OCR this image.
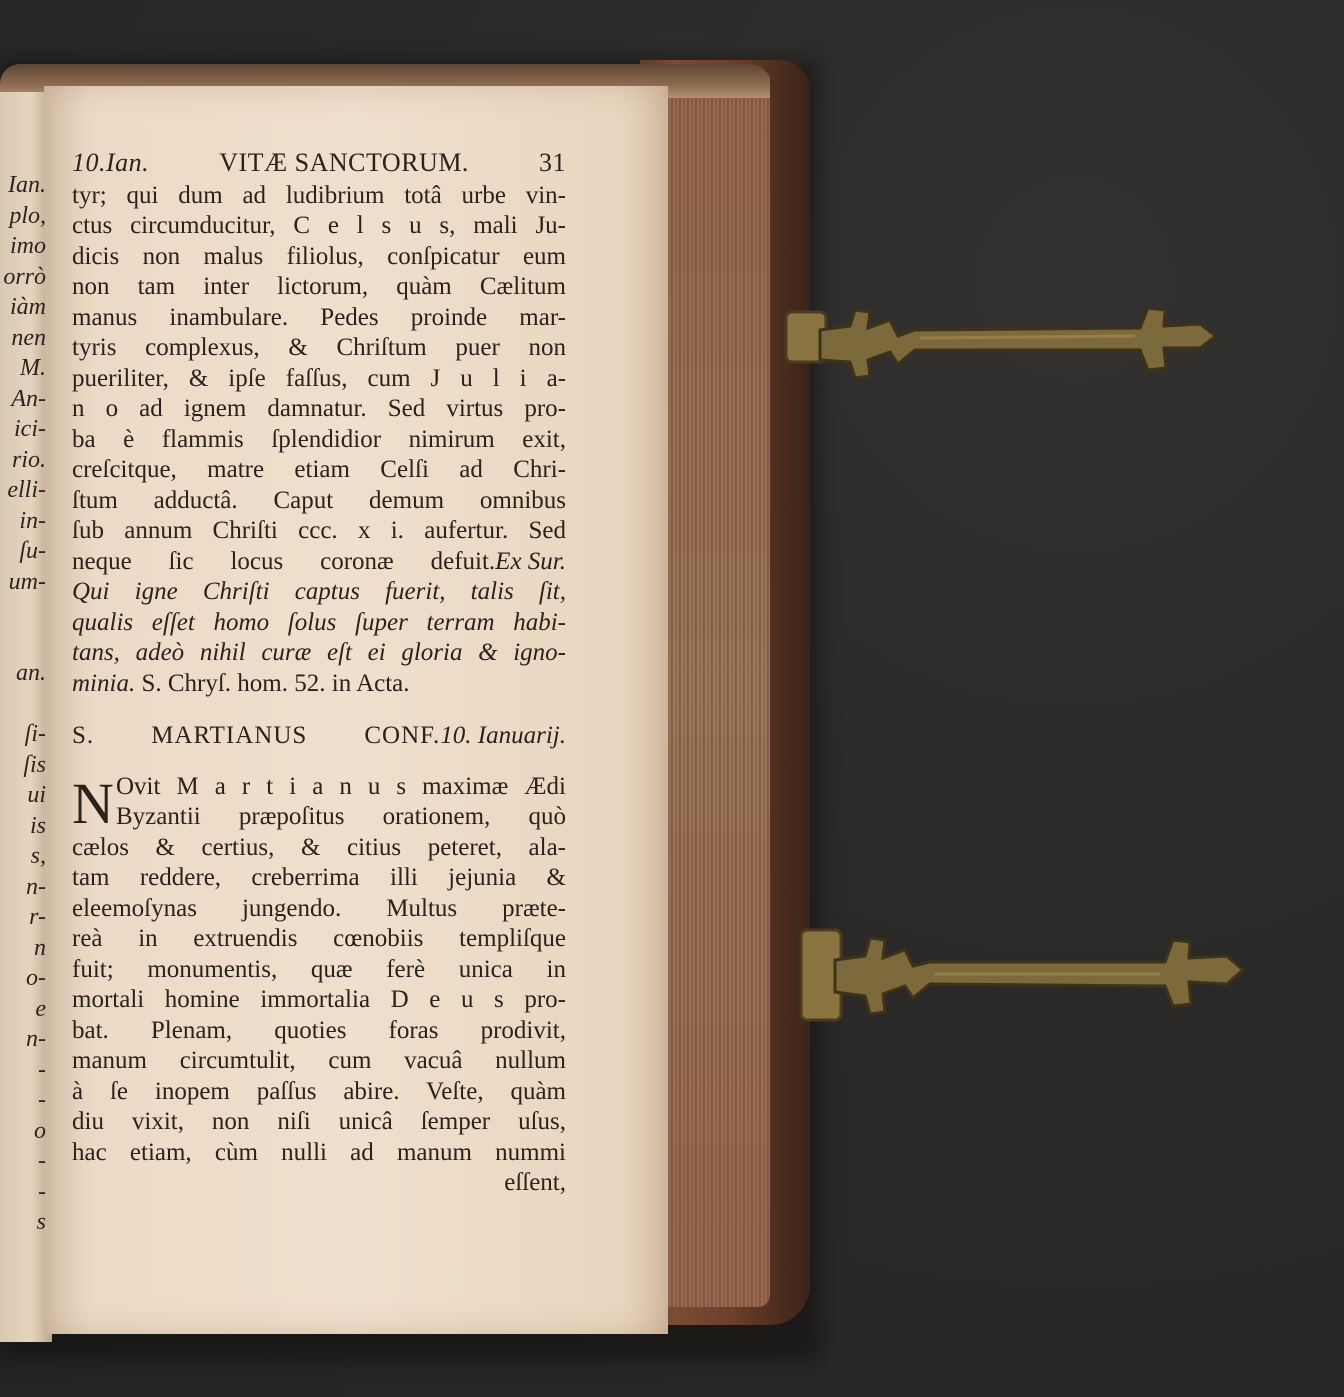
Ian.
plo,
imo
orrò
iàm
nen
M.
An-
ici-
rio.
elli-
in-
ſu-
um-

an.

ſi-
ſis
ui
is
s,
n-
r-
n
o-
e
n-
-
-
o
-
-
s
10.Ian.	VITÆ SANCTORUM.	31
tyr; qui dum ad ludibrium totâ urbe vin-
ctus circumducitur, C e l s u s, mali Ju-
dicis non malus filiolus, conſpicatur eum
non tam inter lictorum, quàm Cælitum
manus inambulare. Pedes proinde mar-
tyris complexus, & Chriſtum puer non
pueriliter, & ipſe faſſus, cum J u l i a-
n o ad ignem damnatur. Sed virtus pro-
ba è flammis ſplendidior nimirum exit,
creſcitque, matre etiam Celſi ad Chri-
ſtum adductâ. Caput demum omnibus
ſub annum Chriſti ccc. x i. aufertur. Sed
neque ſic locus coronæ defuit. Ex Sur.
Qui igne Chriſti captus fuerit, talis ſit,
qualis eſſet homo ſolus ſuper terram habi-
tans, adeò nihil curæ eſt ei gloria & igno-
minia. S. Chryſ. hom. 52. in Acta.
S. MARTIANUS CONF. 10. Ianuarij.
N Ovit M a r t i a n u s maximæ Ædi
Byzantii præpoſitus orationem, quò
cælos & certius, & citius peteret, ala-
tam reddere, creberrima illi jejunia &
eleemoſynas jungendo. Multus præte-
reà in extruendis cœnobiis templiſque
fuit; monumentis, quæ ferè unica in
mortali homine immortalia D e u s pro-
bat. Plenam, quoties foras prodivit,
manum circumtulit, cum vacuâ nullum
à ſe inopem paſſus abire. Veſte, quàm
diu vixit, non niſi unicâ ſemper uſus,
hac etiam, cùm nulli ad manum nummi
eſſent,
